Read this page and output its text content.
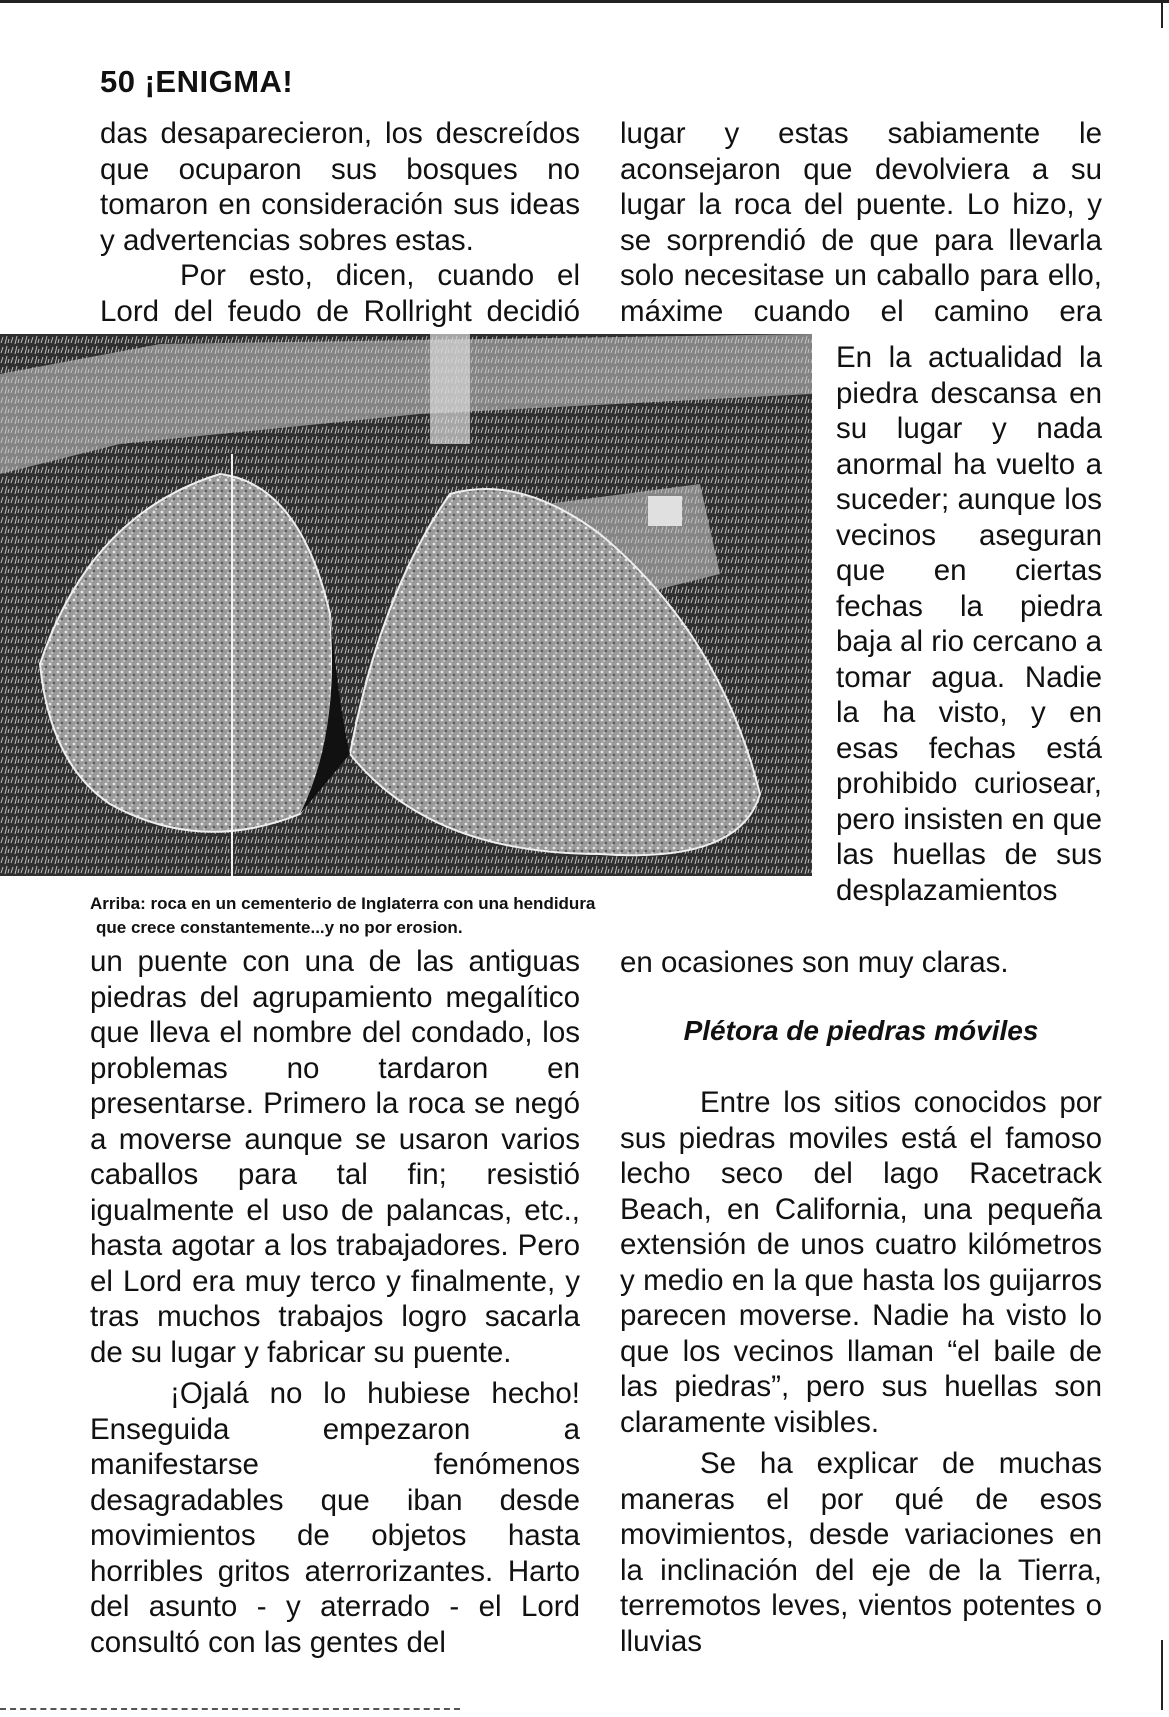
50 ¡ENIGMA!

das desaparecieron, los descreídos que ocuparon sus bosques no tomaron en consideración sus ideas y advertencias sobres estas.

Por esto, dicen, cuando el Lord del feudo de Rollright decidió

lugar y estas sabiamente le aconsejaron que devolviera a su lugar la roca del puente. Lo hizo, y se sorprendió de que para llevarla solo necesitase un caballo para ello, máxime cuando el camino era

Arriba: roca en un cementerio de Inglaterra con una hendidura
que crece constantemente...y no por erosion.

En la actualidad la piedra descansa en su lugar y nada anormal ha vuelto a suceder; aunque los vecinos aseguran que en ciertas fechas la piedra baja al rio cercano a tomar agua. Nadie la ha visto, y en esas fechas está prohibido curiosear, pero insisten en que las huellas de sus desplazamientos

en ocasiones son muy claras.

un puente con una de las antiguas piedras del agrupamiento megalítico que lleva el nombre del condado, los problemas no tardaron en presentarse. Primero la roca se negó a moverse aunque se usaron varios caballos para tal fin; resistió igualmente el uso de palancas, etc., hasta agotar a los trabajadores. Pero el Lord era muy terco y finalmente, y tras muchos trabajos logro sacarla de su lugar y fabricar su puente.

¡Ojalá no lo hubiese hecho! Enseguida empezaron a manifestarse fenómenos desagradables que iban desde movimientos de objetos hasta horribles gritos aterrorizantes. Harto del asunto - y aterrado - el Lord consultó con las gentes del

Plétora de piedras móviles

Entre los sitios conocidos por sus piedras moviles está el famoso lecho seco del lago Racetrack Beach, en California, una pequeña extensión de unos cuatro kilómetros y medio en la que hasta los guijarros parecen moverse. Nadie ha visto lo que los vecinos llaman “el baile de las piedras”, pero sus huellas son claramente visibles.

Se ha explicar de muchas maneras el por qué de esos movimientos, desde variaciones en la inclinación del eje de la Tierra, terremotos leves, vientos potentes o lluvias
